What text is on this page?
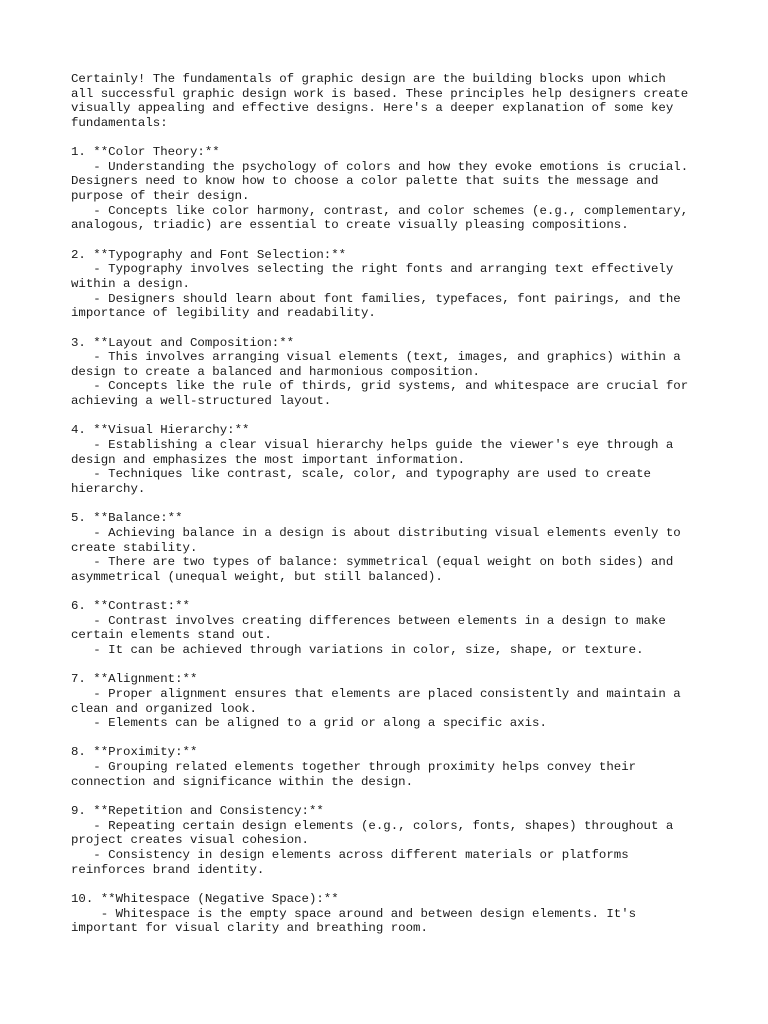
Certainly! The fundamentals of graphic design are the building blocks upon which
all successful graphic design work is based. These principles help designers create
visually appealing and effective designs. Here's a deeper explanation of some key
fundamentals:
1. **Color Theory:**
- Understanding the psychology of colors and how they evoke emotions is crucial.
Designers need to know how to choose a color palette that suits the message and
purpose of their design.
- Concepts like color harmony, contrast, and color schemes (e.g., complementary,
analogous, triadic) are essential to create visually pleasing compositions.
2. **Typography and Font Selection:**
- Typography involves selecting the right fonts and arranging text effectively
within a design.
- Designers should learn about font families, typefaces, font pairings, and the
importance of legibility and readability.
3. **Layout and Composition:**
- This involves arranging visual elements (text, images, and graphics) within a
design to create a balanced and harmonious composition.
- Concepts like the rule of thirds, grid systems, and whitespace are crucial for
achieving a well-structured layout.
4. **Visual Hierarchy:**
- Establishing a clear visual hierarchy helps guide the viewer's eye through a
design and emphasizes the most important information.
- Techniques like contrast, scale, color, and typography are used to create
hierarchy.
5. **Balance:**
- Achieving balance in a design is about distributing visual elements evenly to
create stability.
- There are two types of balance: symmetrical (equal weight on both sides) and
asymmetrical (unequal weight, but still balanced).
6. **Contrast:**
- Contrast involves creating differences between elements in a design to make
certain elements stand out.
- It can be achieved through variations in color, size, shape, or texture.
7. **Alignment:**
- Proper alignment ensures that elements are placed consistently and maintain a
clean and organized look.
- Elements can be aligned to a grid or along a specific axis.
8. **Proximity:**
- Grouping related elements together through proximity helps convey their
connection and significance within the design.
9. **Repetition and Consistency:**
- Repeating certain design elements (e.g., colors, fonts, shapes) throughout a
project creates visual cohesion.
- Consistency in design elements across different materials or platforms
reinforces brand identity.
10. **Whitespace (Negative Space):**
- Whitespace is the empty space around and between design elements. It's
important for visual clarity and breathing room.
